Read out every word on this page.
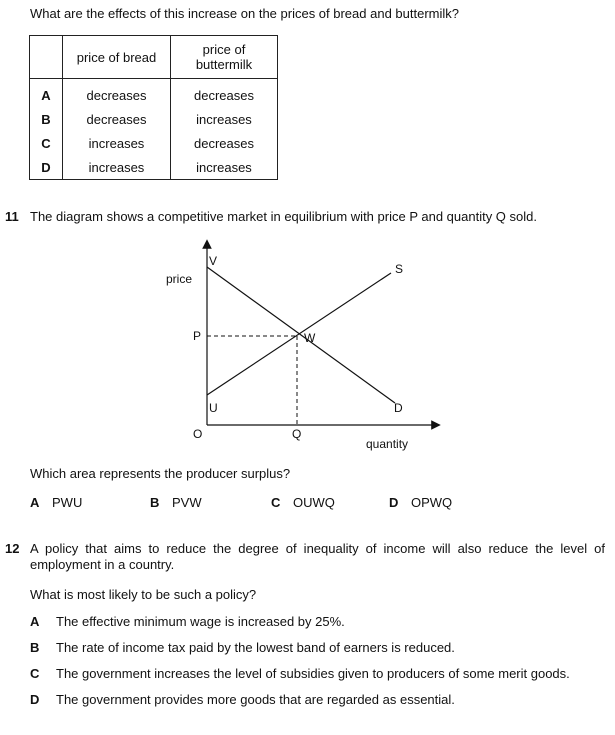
What are the effects of this increase on the prices of bread and buttermilk?
	price of bread	price of buttermilk

A	decreases	decreases
B	decreases	increases
C	increases	decreases
D	increases	increases
11 The diagram shows a competitive market in equilibrium with price P and quantity Q sold.
price
quantity
O
V
U
W
P
Q
S
D
Which area represents the producer surplus?
A PWU	B PVW	C OUWQ	D OPWQ
12 A policy that aims to reduce the degree of inequality of income will also reduce the level of employment in a country.
What is most likely to be such a policy?
A The effective minimum wage is increased by 25%.
B The rate of income tax paid by the lowest band of earners is reduced.
C The government increases the level of subsidies given to producers of some merit goods.
D The government provides more goods that are regarded as essential.
